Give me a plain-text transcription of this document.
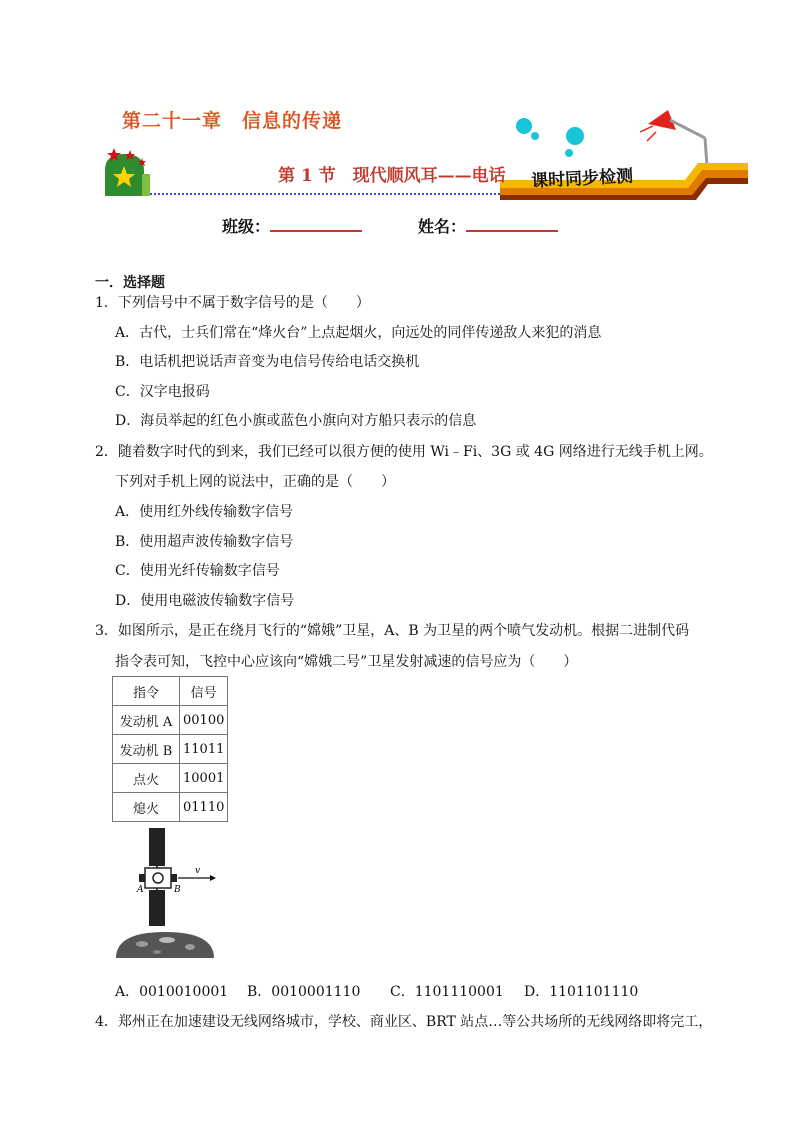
第二十一章　信息的传递
第 1 节　现代顺风耳——电话 课时同步检测
班级：	姓名：
一．选择题
1．下列信号中不属于数字信号的是（　　）
A．古代，士兵们常在“烽火台”上点起烟火，向远处的同伴传递敌人来犯的消息
B．电话机把说话声音变为电信号传给电话交换机
C．汉字电报码
D．海员举起的红色小旗或蓝色小旗向对方船只表示的信息
2．随着数字时代的到来，我们已经可以很方便的使用 Wi﹣Fi、3G 或 4G 网络进行无线手机上网。
下列对手机上网的说法中，正确的是（　　）
A．使用红外线传输数字信号
B．使用超声波传输数字信号
C．使用光纤传输数字信号
D．使用电磁波传输数字信号
3．如图所示，是正在绕月飞行的“嫦娥”卫星，A、B 为卫星的两个喷气发动机。根据二进制代码
指令表可知，飞控中心应该向“嫦娥二号”卫星发射减速的信号应为（　　）
指令	信号
发动机 A	00100
发动机 B	11011
点火	10001
熄火	01110
v
A	B
A．0010010001 B．0010001110 C．1101110001 D．1101101110
4．郑州正在加速建设无线网络城市，学校、商业区、BRT 站点…等公共场所的无线网络即将完工，
